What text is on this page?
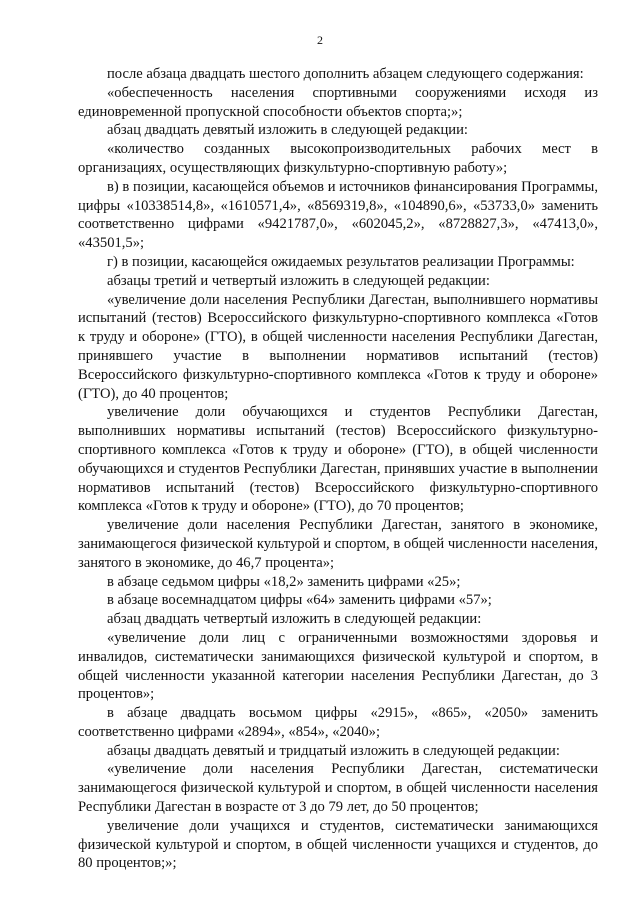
2

после абзаца двадцать шестого дополнить абзацем следующего содержания:

«обеспеченность населения спортивными сооружениями исходя из единовременной пропускной способности объектов спорта;»;

абзац двадцать девятый изложить в следующей редакции:

«количество созданных высокопроизводительных рабочих мест в организациях, осуществляющих физкультурно-спортивную работу»;

в) в позиции, касающейся объемов и источников финансирования Программы, цифры «10338514,8», «1610571,4», «8569319,8», «104890,6», «53733,0» заменить соответственно цифрами «9421787,0», «602045,2», «8728827,3», «47413,0», «43501,5»;

г) в позиции, касающейся ожидаемых результатов реализации Программы:

абзацы третий и четвертый изложить в следующей редакции:

«увеличение доли населения Республики Дагестан, выполнившего нормативы испытаний (тестов) Всероссийского физкультурно-спортивного комплекса «Готов к труду и обороне» (ГТО), в общей численности населения Республики Дагестан, принявшего участие в выполнении нормативов испытаний (тестов) Всероссийского физкультурно-спортивного комплекса «Готов к труду и обороне» (ГТО), до 40 процентов;

увеличение доли обучающихся и студентов Республики Дагестан, выполнивших нормативы испытаний (тестов) Всероссийского физкультурно-спортивного комплекса «Готов к труду и обороне» (ГТО), в общей численности обучающихся и студентов Республики Дагестан, принявших участие в выполнении нормативов испытаний (тестов) Всероссийского физкультурно-спортивного комплекса «Готов к труду и обороне» (ГТО), до 70 процентов;

увеличение доли населения Республики Дагестан, занятого в экономике, занимающегося физической культурой и спортом, в общей численности населения, занятого в экономике, до 46,7 процента»;

в абзаце седьмом цифры «18,2» заменить цифрами «25»;

в абзаце восемнадцатом цифры «64» заменить цифрами «57»;

абзац двадцать четвертый изложить в следующей редакции:

«увеличение доли лиц с ограниченными возможностями здоровья и инвалидов, систематически занимающихся физической культурой и спортом, в общей численности указанной категории населения Республики Дагестан, до 3 процентов»;

в абзаце двадцать восьмом цифры «2915», «865», «2050» заменить соответственно цифрами «2894», «854», «2040»;

абзацы двадцать девятый и тридцатый изложить в следующей редакции:

«увеличение доли населения Республики Дагестан, систематически занимающегося физической культурой и спортом, в общей численности населения Республики Дагестан в возрасте от 3 до 79 лет, до 50 процентов;

увеличение доли учащихся и студентов, систематически занимающихся физической культурой и спортом, в общей численности учащихся и студентов, до 80 процентов;»;
